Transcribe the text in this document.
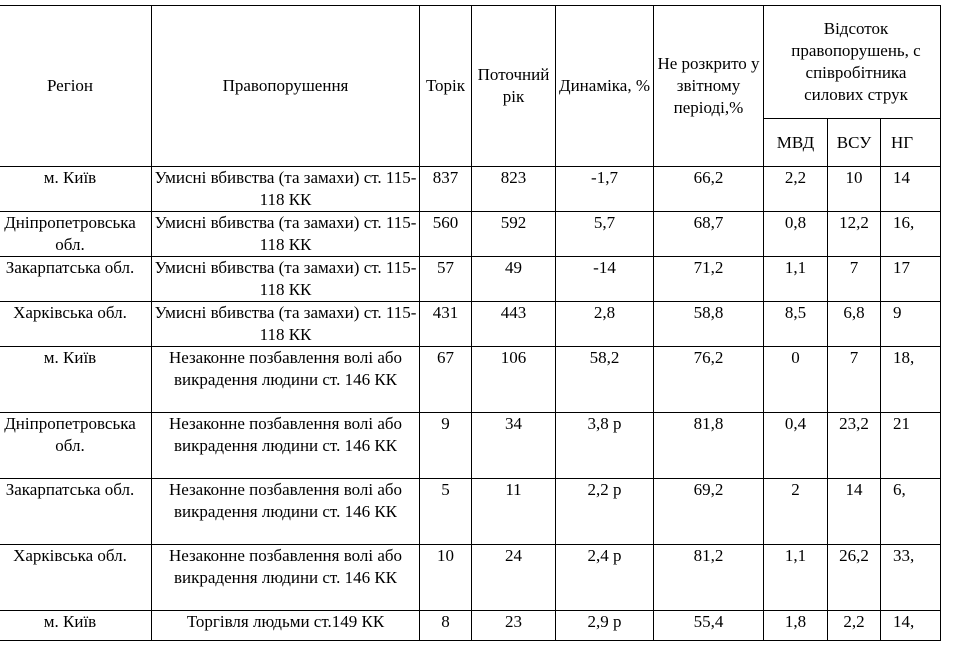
Регіон	Правопорушення	Торік	Поточний рік	Динаміка, %	Не розкрито у звітному періоді,%	Відсоток правопорушень, с співробітника силових струк		

						МВД	ВСУ	НГ
м. Київ	Умисні вбивства (та замахи) ст. 115-118 КК	837	823	-1,7	66,2	2,2	10	14
Дніпропетровська обл.	Умисні вбивства (та замахи) ст. 115-118 КК	560	592	5,7	68,7	0,8	12,2	16,
Закарпатська обл.	Умисні вбивства (та замахи) ст. 115-118 КК	57	49	-14	71,2	1,1	7	17
Харківська обл.	Умисні вбивства (та замахи) ст. 115-118 КК	431	443	2,8	58,8	8,5	6,8	9
м. Київ	Незаконне позбавлення волі або викрадення людини ст. 146 КК	67	106	58,2	76,2	0	7	18,
Дніпропетровська обл.	Незаконне позбавлення волі або викрадення людини ст. 146 КК	9	34	3,8 р	81,8	0,4	23,2	21
Закарпатська обл.	Незаконне позбавлення волі або викрадення людини ст. 146 КК	5	11	2,2 р	69,2	2	14	6,
Харківська обл.	Незаконне позбавлення волі або викрадення людини ст. 146 КК	10	24	2,4 р	81,2	1,1	26,2	33,
м. Київ	Торгівля людьми ст.149 КК	8	23	2,9 р	55,4	1,8	2,2	14,
